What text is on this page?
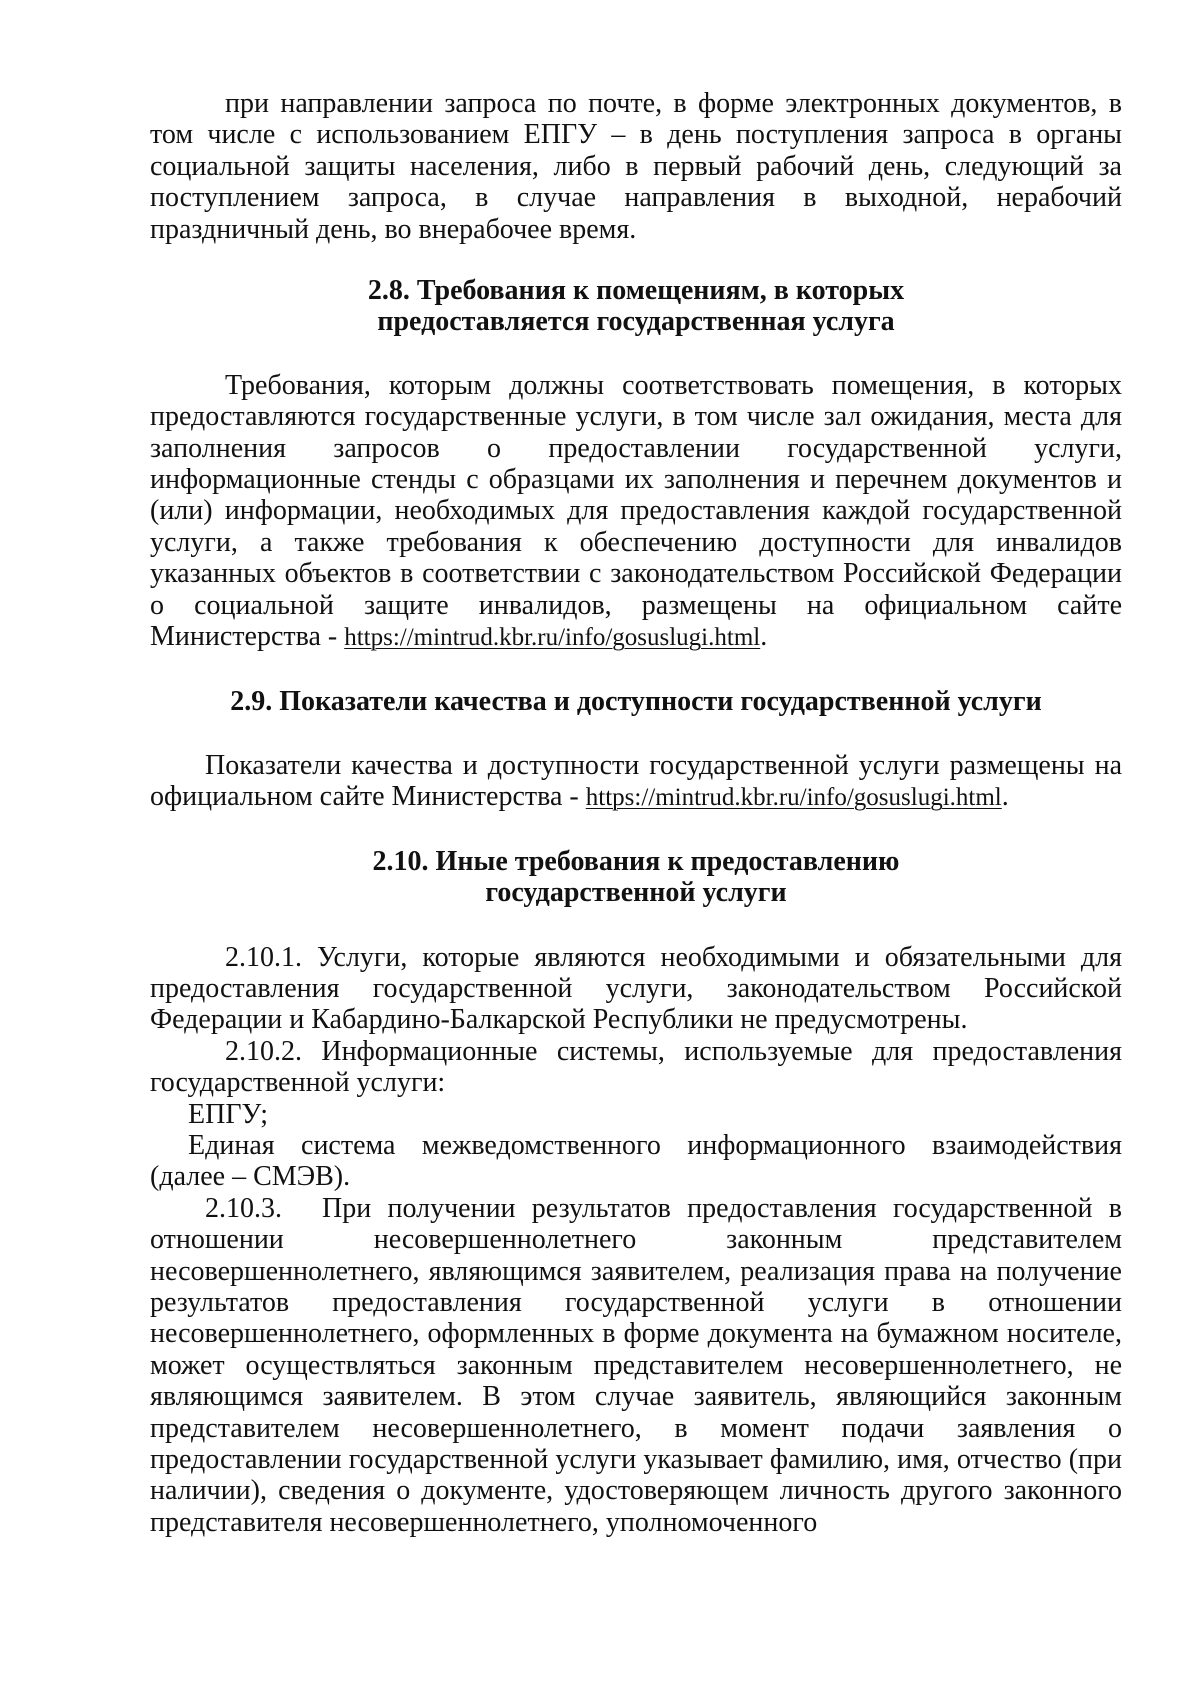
при направлении запроса по почте, в форме электронных документов, в том числе с использованием ЕПГУ – в день поступления запроса в органы социальной защиты населения, либо в первый рабочий день, следующий за поступлением запроса, в случае направления в выходной, нерабочий праздничный день, во внерабочее время.

2.8. Требования к помещениям, в которых
предоставляется государственная услуга

Требования, которым должны соответствовать помещения, в которых предоставляются государственные услуги, в том числе зал ожидания, места для заполнения запросов о предоставлении государственной услуги, информационные стенды с образцами их заполнения и перечнем документов и (или) информации, необходимых для предоставления каждой государственной услуги, а также требования к обеспечению доступности для инвалидов указанных объектов в соответствии с законодательством Российской Федерации о социальной защите инвалидов, размещены на официальном сайте Министерства - https://mintrud.kbr.ru/info/gosuslugi.html.

2.9. Показатели качества и доступности государственной услуги

Показатели качества и доступности государственной услуги размещены на официальном сайте Министерства - https://mintrud.kbr.ru/info/gosuslugi.html.

2.10. Иные требования к предоставлению
государственной услуги

2.10.1. Услуги, которые являются необходимыми и обязательными для предоставления государственной услуги, законодательством Российской Федерации и Кабардино-Балкарской Республики не предусмотрены.

2.10.2. Информационные системы, используемые для предоставления государственной услуги:

ЕПГУ;

Единая система межведомственного информационного взаимодействия (далее – СМЭВ).

2.10.3. При получении результатов предоставления государственной в отношении несовершеннолетнего законным представителем несовершеннолетнего, являющимся заявителем, реализация права на получение результатов предоставления государственной услуги в отношении несовершеннолетнего, оформленных в форме документа на бумажном носителе, может осуществляться законным представителем несовершеннолетнего, не являющимся заявителем. В этом случае заявитель, являющийся законным представителем несовершеннолетнего, в момент подачи заявления о предоставлении государственной услуги указывает фамилию, имя, отчество (при наличии), сведения о документе, удостоверяющем личность другого законного представителя несовершеннолетнего, уполномоченного
